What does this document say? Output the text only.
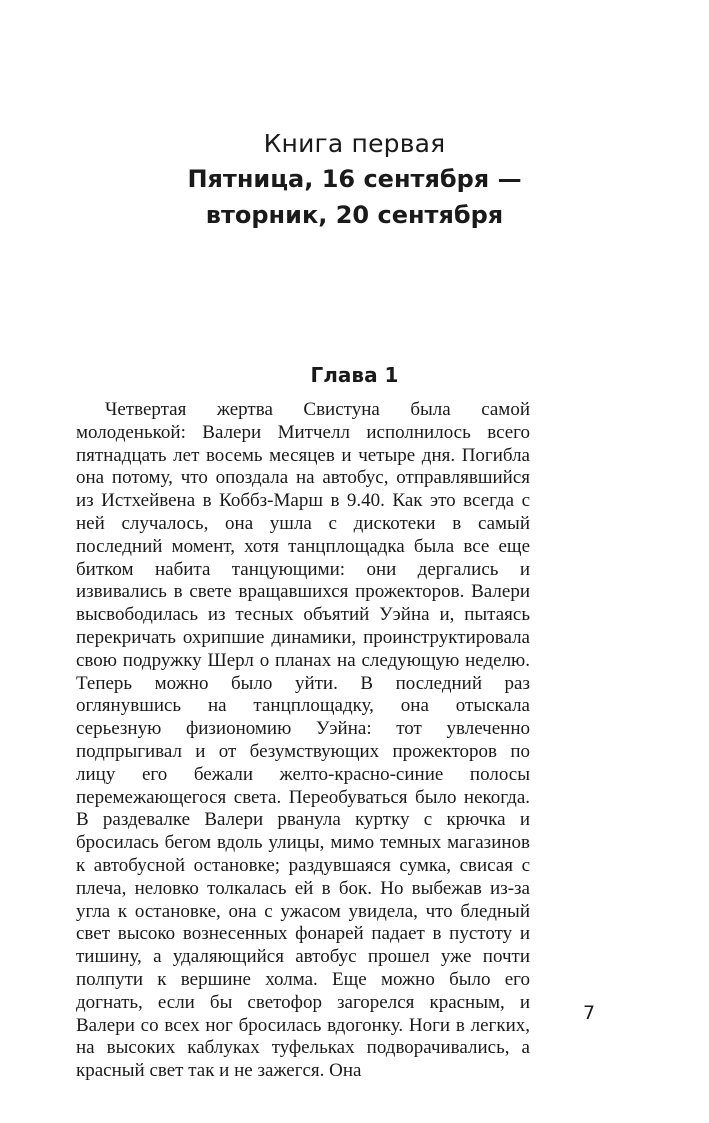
Книга первая

Пятница, 16 сентября —

вторник, 20 сентября

Глава 1

Четвертая жертва Свистуна была самой молоденькой: Валери Митчелл исполнилось всего пятнадцать лет восемь месяцев и четыре дня. Погибла она потому, что опоздала на автобус, отправлявшийся из Истхейвена в Коббз-Марш в 9.40. Как это всегда с ней случалось, она ушла с дискотеки в самый последний момент, хотя танцплощадка была все еще битком набита танцующими: они дергались и извивались в свете вращавшихся прожекторов. Валери высвободилась из тесных объятий Уэйна и, пытаясь перекричать охрипшие динамики, проинструктировала свою подружку Шерл о планах на следующую неделю. Теперь можно было уйти. В последний раз оглянувшись на танцплощадку, она отыскала серьезную физиономию Уэйна: тот увлеченно подпрыгивал и от безумствующих прожекторов по лицу его бежали желто-красно-синие полосы перемежающегося света. Переобуваться было некогда. В раздевалке Валери рванула куртку с крючка и бросилась бегом вдоль улицы, мимо темных магазинов к автобусной остановке; раздувшаяся сумка, свисая с плеча, неловко толкалась ей в бок. Но выбежав из-за угла к остановке, она с ужасом увидела, что бледный свет высоко вознесенных фонарей падает в пустоту и тишину, а удаляющийся автобус прошел уже почти полпути к вершине холма. Еще можно было его догнать, если бы светофор загорелся красным, и Валери со всех ног бросилась вдогонку. Ноги в легких, на высоких каблуках туфельках подворачивались, а красный свет так и не зажегся. Она

7
